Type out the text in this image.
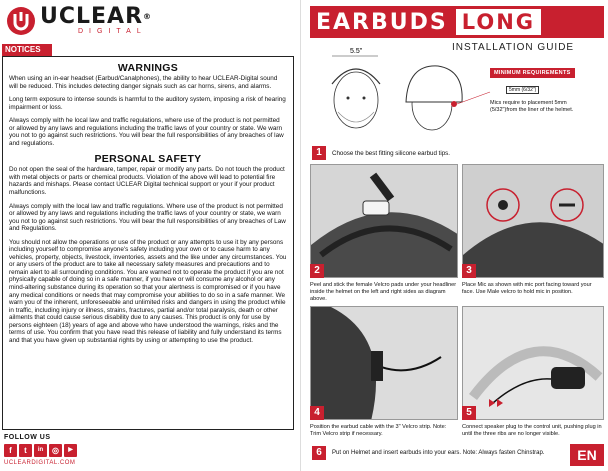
UCLEAR®
DIGITAL
NOTICES
WARNINGS

When using an in-ear headset (Earbud/Canalphones), the ability to hear UCLEAR-Digital sound will be reduced. This includes detecting danger signals such as car horns, sirens, and alarms.

Long term exposure to intense sounds is harmful to the auditory system, imposing a risk of hearing impairment or loss.

Always comply with he local law and traffic regulations, where use of the product is not permitted or allowed by any laws and regulations including the traffic laws of your country or state. We warn you not to go against such restrictions. You will bear the full responsibilities of any breaches of law and regulations.

PERSONAL SAFETY

Do not open the seal of the hardware, tamper, repair or modify any parts. Do not touch the product with metal objects or parts or chemical products. Violation of the above will lead to potential fire hazards and mishaps. Please contact UCLEAR Digital technical support or your if your product malfunctions.

Always comply with the local law and traffic regulations. Where use of the product is not permitted or allowed by any laws and regulations including the traffic laws of your country or state, we warn you not to go against such restrictions. You will bear the full responsibilities of any breaches of Law and Regulations.

You should not allow the operations or use of the product or any attempts to use it by any persons including yourself to compromise anyone's safety including your own or to cause harm to any vehicles, property, objects, livestock, inventories, assets and the like under any circumstances. You or any users of the product are to take all necessary safety measures and precautions and to remain alert to all surrounding conditions. You are warned not to operate the product if you are not physically capable of doing so in a safe manner, if you have or will consume any alcohol or any mind-altering substance during its operation so that your alertness is compromised or if you have any medical conditions or needs that may compromise your abilities to do so in a safe manner. We warn you of the inherent, unforeseeable and unlimited risks and dangers in using the product while in traffic, including injury or illness, strains, fractures, partial and/or total paralysis, death or other ailments that could cause serious disability due to any causes. This product is only for use by persons eighteen (18) years of age and above who have understood the warnings, risks and the terms of use. You confirm that you have read this release of liability and fully understand its terms and that you have given up substantial rights by using or attempting to use the product.

FOLLOW US
f	t	in	◎	▶
UCLEARDIGITAL.COM
EARBUDS LONG
INSTALLATION GUIDE
5.5"
MINIMUM REQUIREMENTS
5mm (6/32")
Mics require to placement 5mm (5/32")from the liner of the helmet.
1	Choose the best fitting silicone earbud tips.
2
Peel and stick the female Velcro pads under your headliner inside the helmet on the left and right sides as diagram above.
3
Place Mic as shown with mic port facing toward your face. Use Male velcro to hold mic in position.
4
Position the earbud cable with the 3" Velcro strip. Note: Trim Velcro strip if necessary.
5
Connect speaker plug to the control unit, pushing plug in until the three ribs are no longer visible.
6	Put on Helmet and insert earbuds into your ears. Note: Always fasten Chinstrap.	EN
